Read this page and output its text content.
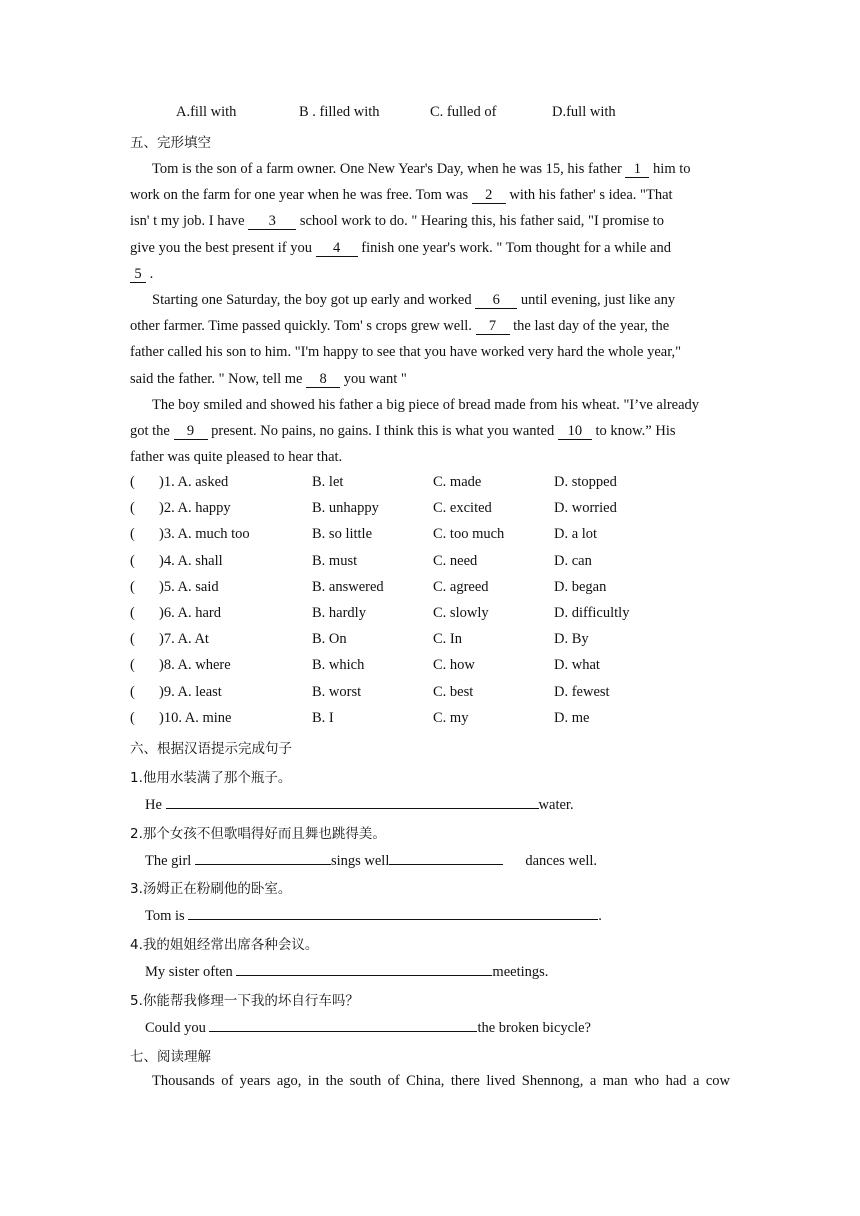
A.fill with	B . filled with	C. fulled of	D.full with
五、完形填空
Tom is the son of a farm owner. One New Year's Day, when he was 15, his father 1 him to
work on the farm for one year when he was free. Tom was 2 with his father' s idea. "That
isn' t my job. I have 3 school work to do. " Hearing this, his father said, "I promise to
give you the best present if you 4 finish one year's work. " Tom thought for a while and
5 .
Starting one Saturday, the boy got up early and worked 6 until evening, just like any
other farmer. Time passed quickly. Tom' s crops grew well. 7 the last day of the year, the
father called his son to him. "I'm happy to see that you have worked very hard the whole year,"
said the father. " Now, tell me 8 you want "
The boy smiled and showed his father a big piece of bread made from his wheat. "I’ve already
got the 9 present. No pains, no gains. I think this is what you wanted 10 to know.” His
father was quite pleased to hear that.
( )1. A. asked	B. let	C. made	D. stopped
( )2. A. happy	B. unhappy	C. excited	D. worried
( )3. A. much too	B. so little	C. too much	D. a lot
( )4. A. shall	B. must	C. need	D. can
( )5. A. said	B. answered	C. agreed	D. began
( )6. A. hard	B. hardly	C. slowly	D. difficultly
( )7. A. At	B. On	C. In	D. By
( )8. A. where	B. which	C. how	D. what
( )9. A. least	B. worst	C. best	D. fewest
( )10. A. mine	B. I	C. my	D. me
六、根据汉语提示完成句子
1.他用水装满了那个瓶子。
He	water.
2.那个女孩不但歌唱得好而且舞也跳得美。
The girl	sings well	dances well.
3.汤姆正在粉刷他的卧室。
Tom is	.
4.我的姐姐经常出席各种会议。
My sister often	meetings.
5.你能帮我修理一下我的坏自行车吗？
Could you	the broken bicycle?
七、阅读理解
Thousands of years ago, in the south of China, there lived Shennong, a man who had a cow
